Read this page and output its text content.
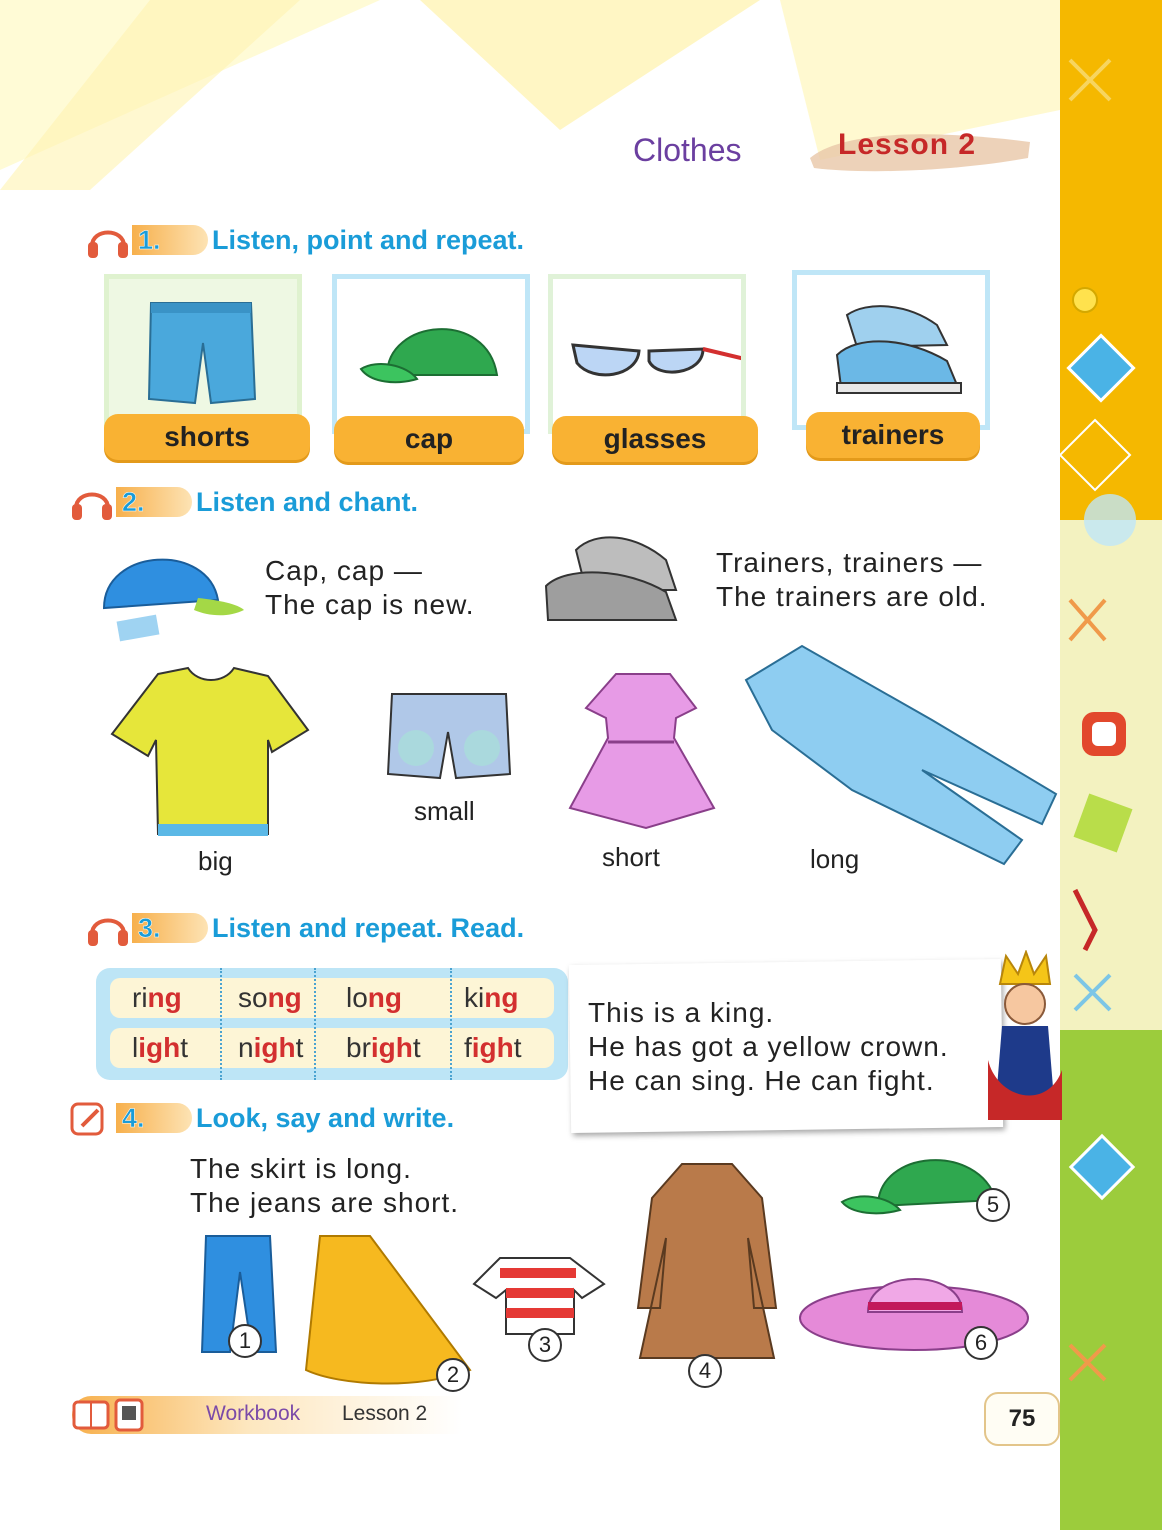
Clothes	Lesson 2
1. Listen, point and repeat.
shorts	cap	glasses	trainers
2. Listen and chant.
Cap, cap —
The cap is new.
Trainers, trainers —
The trainers are old.
big
small
short	long
3. Listen and repeat. Read.
ring song long king
light night bright fight
This is a king.
He has got a yellow crown.
He can sing. He can fight.
4. Look, say and write.
The skirt is long.
The jeans are short.
1
2
3
4
5
6
Workbook Lesson 2	75
